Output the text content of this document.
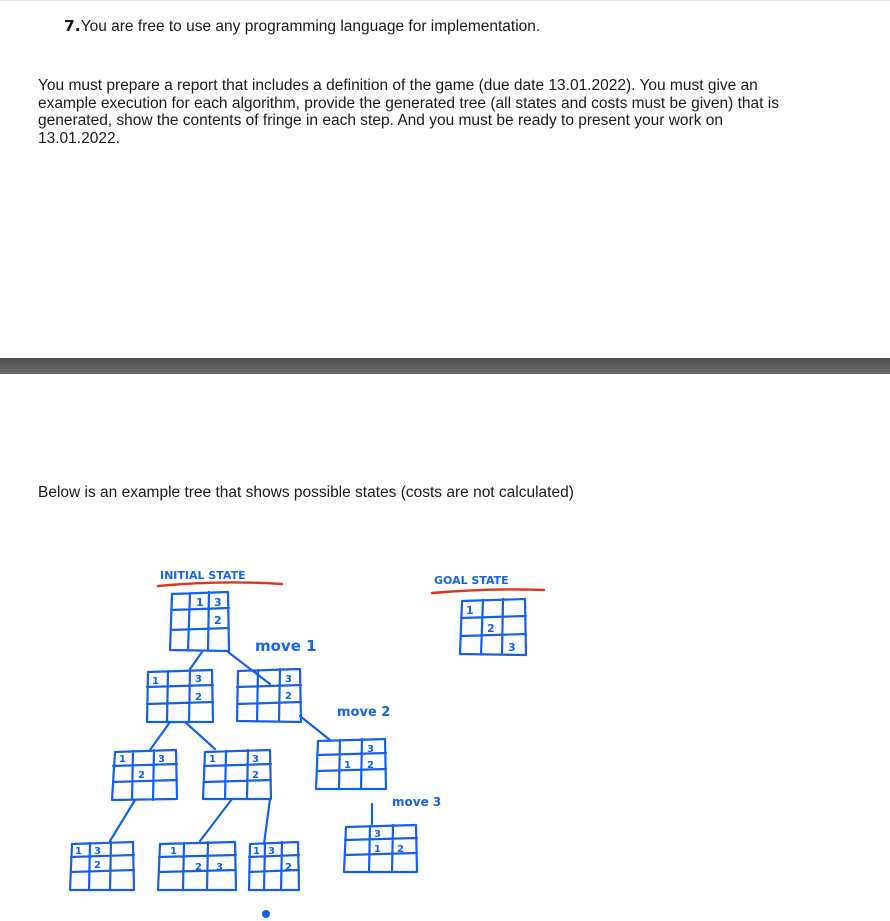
7.You are free to use any programming language for implementation.
You must prepare a report that includes a definition of the game (due date 13.01.2022). You must give an
example execution for each algorithm, provide the generated tree (all states and costs must be given) that is
generated, show the contents of fringe in each step. And you must be ready to present your work on
13.01.2022.
Below is an example tree that shows possible states (costs are not calculated)
INITIAL STATE	GOAL STATE
move 1
move 2
move 3
1 3
2
1
2
3
1	3
2
3
2
1	3
2
1	3
2
3
1 2
1 3
2
1
2 3
1 3
2
3
1 2
